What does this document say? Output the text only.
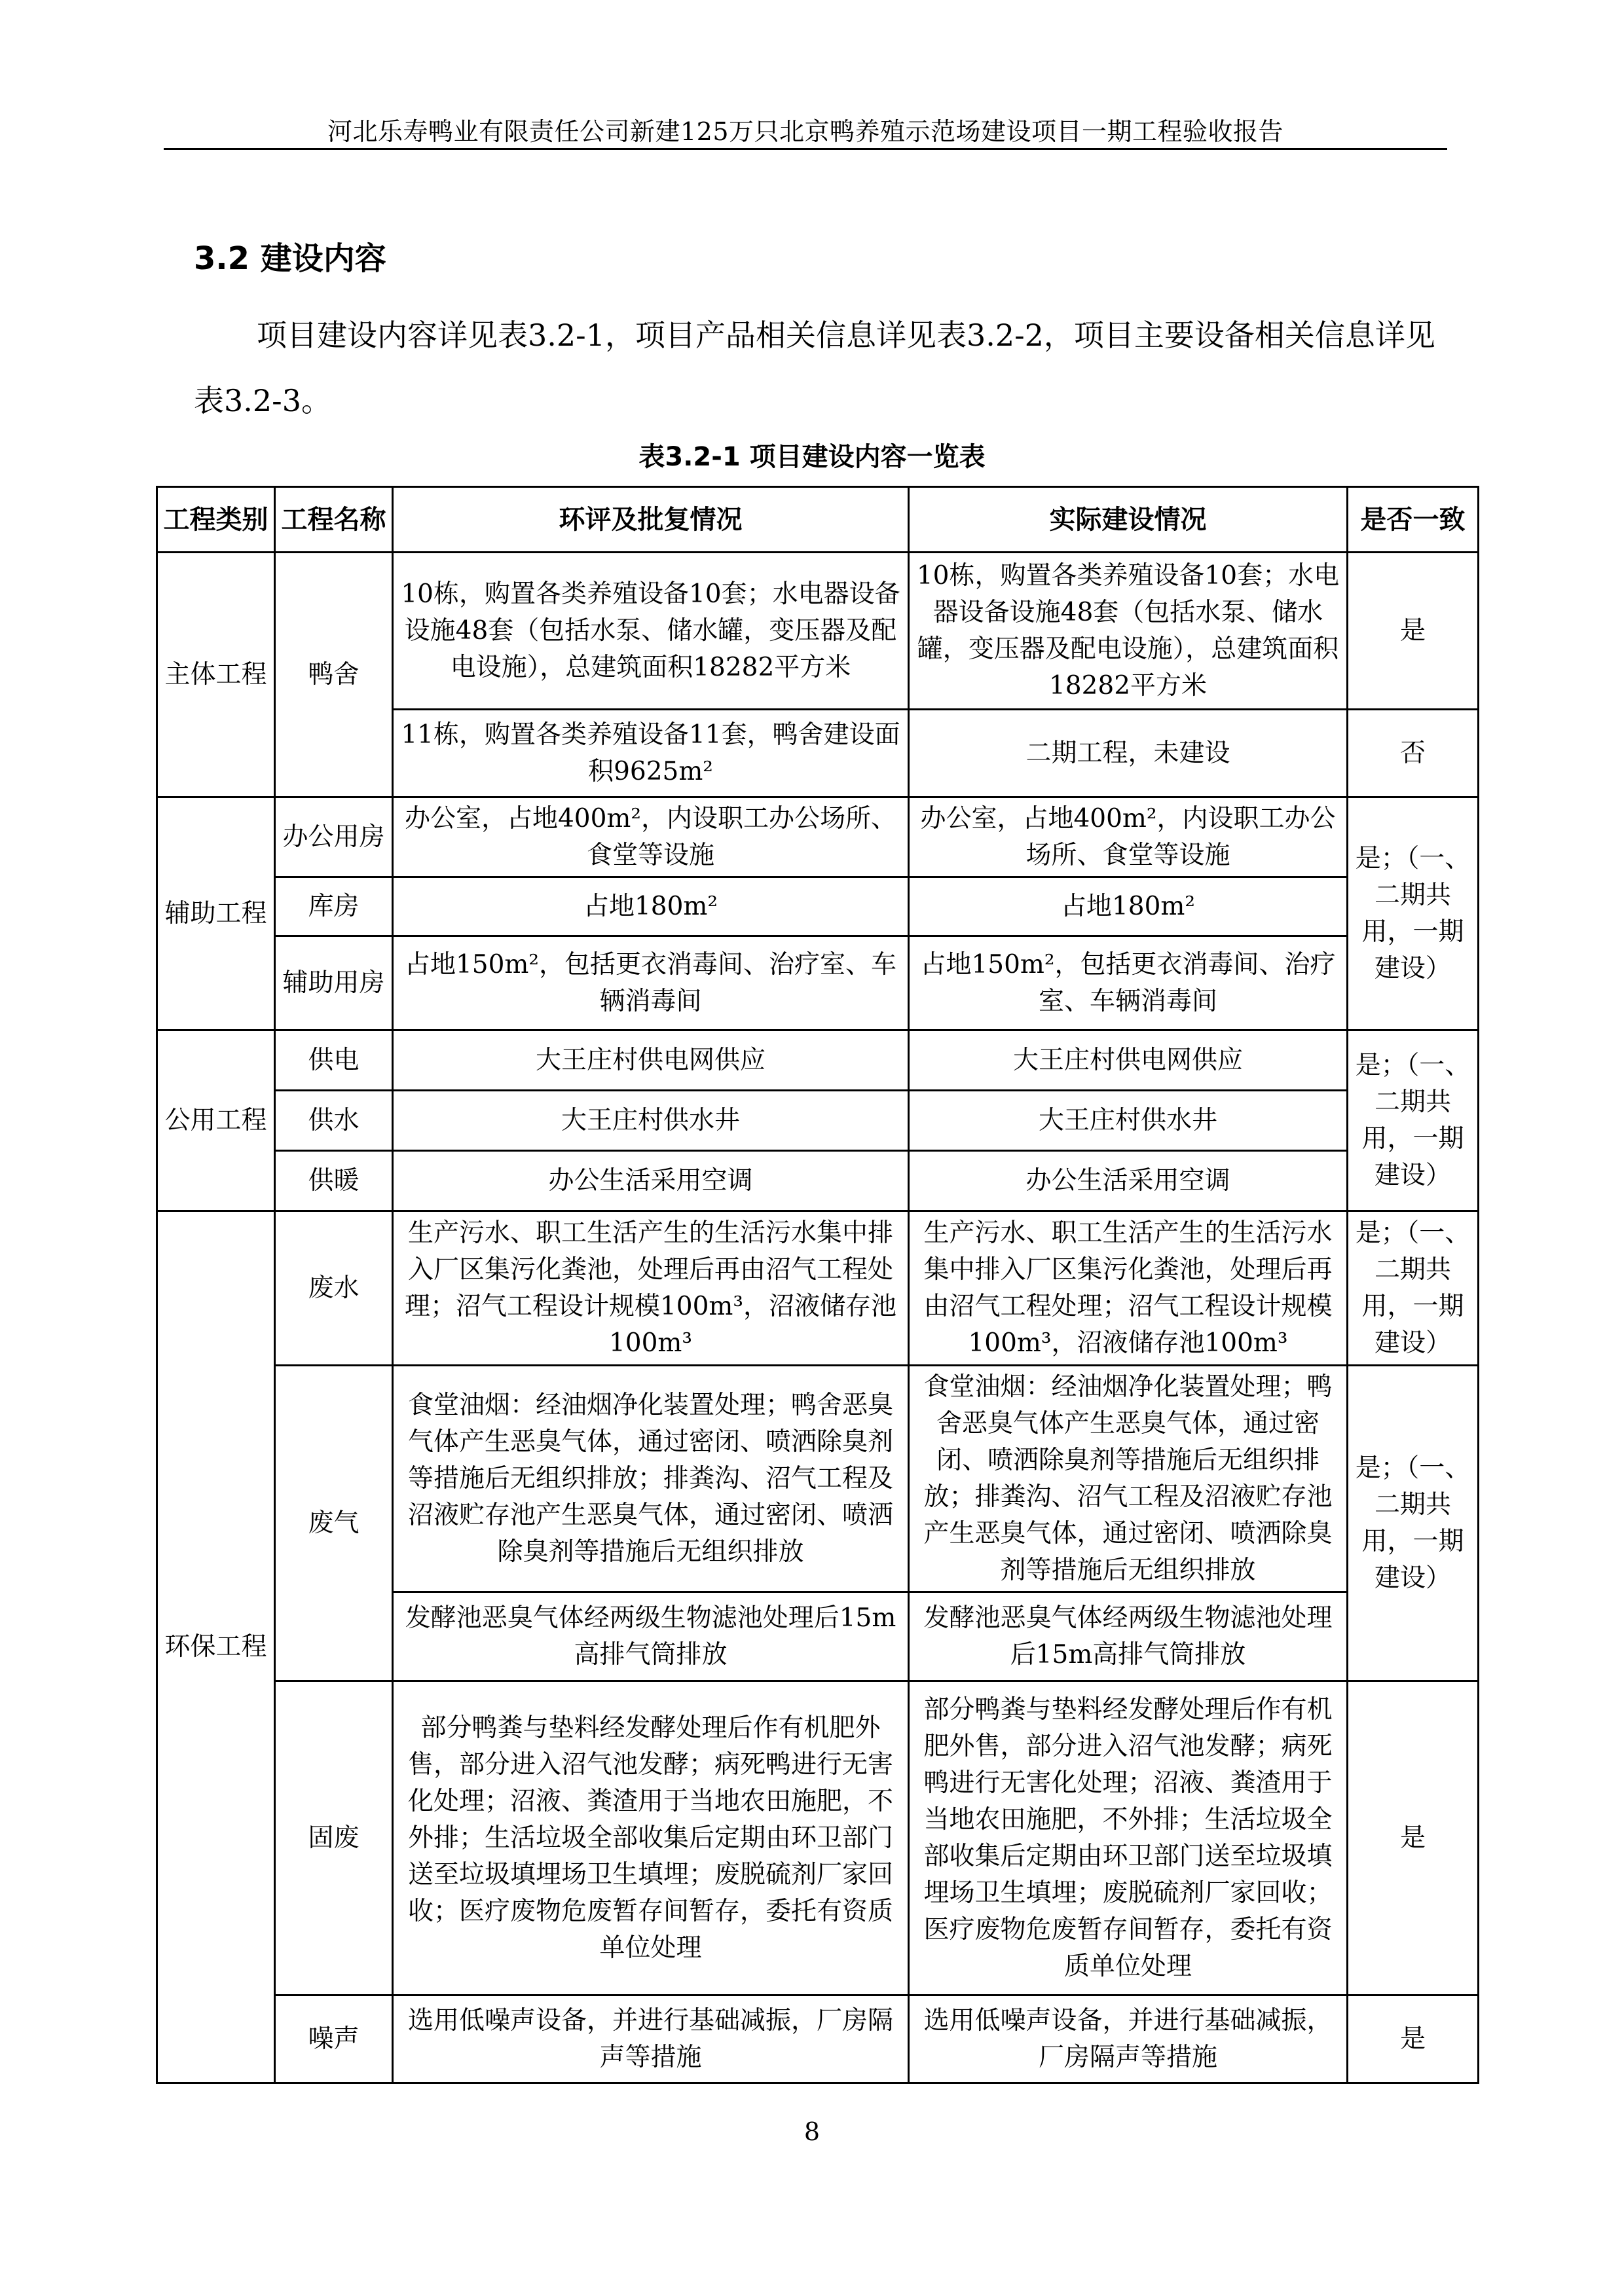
河北乐寿鸭业有限责任公司新建125万只北京鸭养殖示范场建设项目一期工程验收报告
3.2 建设内容
项目建设内容详见表3.2-1，项目产品相关信息详见表3.2-2，项目主要设备相关信息详见表3.2-3。
表3.2-1 项目建设内容一览表
工程类别	工程名称	环评及批复情况	实际建设情况	是否一致
主体工程	鸭舍	10栋，购置各类养殖设备10套；水电器设备设施48套（包括水泵、储水罐，变压器及配电设施），总建筑面积18282平方米	10栋，购置各类养殖设备10套；水电器设备设施48套（包括水泵、储水罐，变压器及配电设施），总建筑面积18282平方米	是
		11栋，购置各类养殖设备11套，鸭舍建设面积9625m²	二期工程，未建设	否
辅助工程	办公用房	办公室，占地400m²，内设职工办公场所、食堂等设施	办公室，占地400m²，内设职工办公场所、食堂等设施	是；（一、二期共用，一期建设）
	库房	占地180m²	占地180m²	
	辅助用房	占地150m²，包括更衣消毒间、治疗室、车辆消毒间	占地150m²，包括更衣消毒间、治疗室、车辆消毒间	
公用工程	供电	大王庄村供电网供应	大王庄村供电网供应	是；（一、二期共用，一期建设）
	供水	大王庄村供水井	大王庄村供水井	
	供暖	办公生活采用空调	办公生活采用空调	
环保工程	废水	生产污水、职工生活产生的生活污水集中排入厂区集污化粪池，处理后再由沼气工程处理；沼气工程设计规模100m³，沼液储存池100m³	生产污水、职工生活产生的生活污水集中排入厂区集污化粪池，处理后再由沼气工程处理；沼气工程设计规模100m³，沼液储存池100m³	是；（一、二期共用，一期建设）
	废气	食堂油烟：经油烟净化装置处理；鸭舍恶臭气体产生恶臭气体，通过密闭、喷洒除臭剂等措施后无组织排放；排粪沟、沼气工程及沼液贮存池产生恶臭气体，通过密闭、喷洒除臭剂等措施后无组织排放	食堂油烟：经油烟净化装置处理；鸭舍恶臭气体产生恶臭气体，通过密闭、喷洒除臭剂等措施后无组织排放；排粪沟、沼气工程及沼液贮存池产生恶臭气体，通过密闭、喷洒除臭剂等措施后无组织排放	是；（一、二期共用，一期建设）
		发酵池恶臭气体经两级生物滤池处理后15m高排气筒排放	发酵池恶臭气体经两级生物滤池处理后15m高排气筒排放	
	固废	部分鸭粪与垫料经发酵处理后作有机肥外售，部分进入沼气池发酵；病死鸭进行无害化处理；沼液、粪渣用于当地农田施肥，不外排；生活垃圾全部收集后定期由环卫部门送至垃圾填埋场卫生填埋；废脱硫剂厂家回收；医疗废物危废暂存间暂存，委托有资质单位处理	部分鸭粪与垫料经发酵处理后作有机肥外售，部分进入沼气池发酵；病死鸭进行无害化处理；沼液、粪渣用于当地农田施肥，不外排；生活垃圾全部收集后定期由环卫部门送至垃圾填埋场卫生填埋；废脱硫剂厂家回收；医疗废物危废暂存间暂存，委托有资质单位处理	是
	噪声	选用低噪声设备，并进行基础减振，厂房隔声等措施	选用低噪声设备，并进行基础减振，厂房隔声等措施	是
8
